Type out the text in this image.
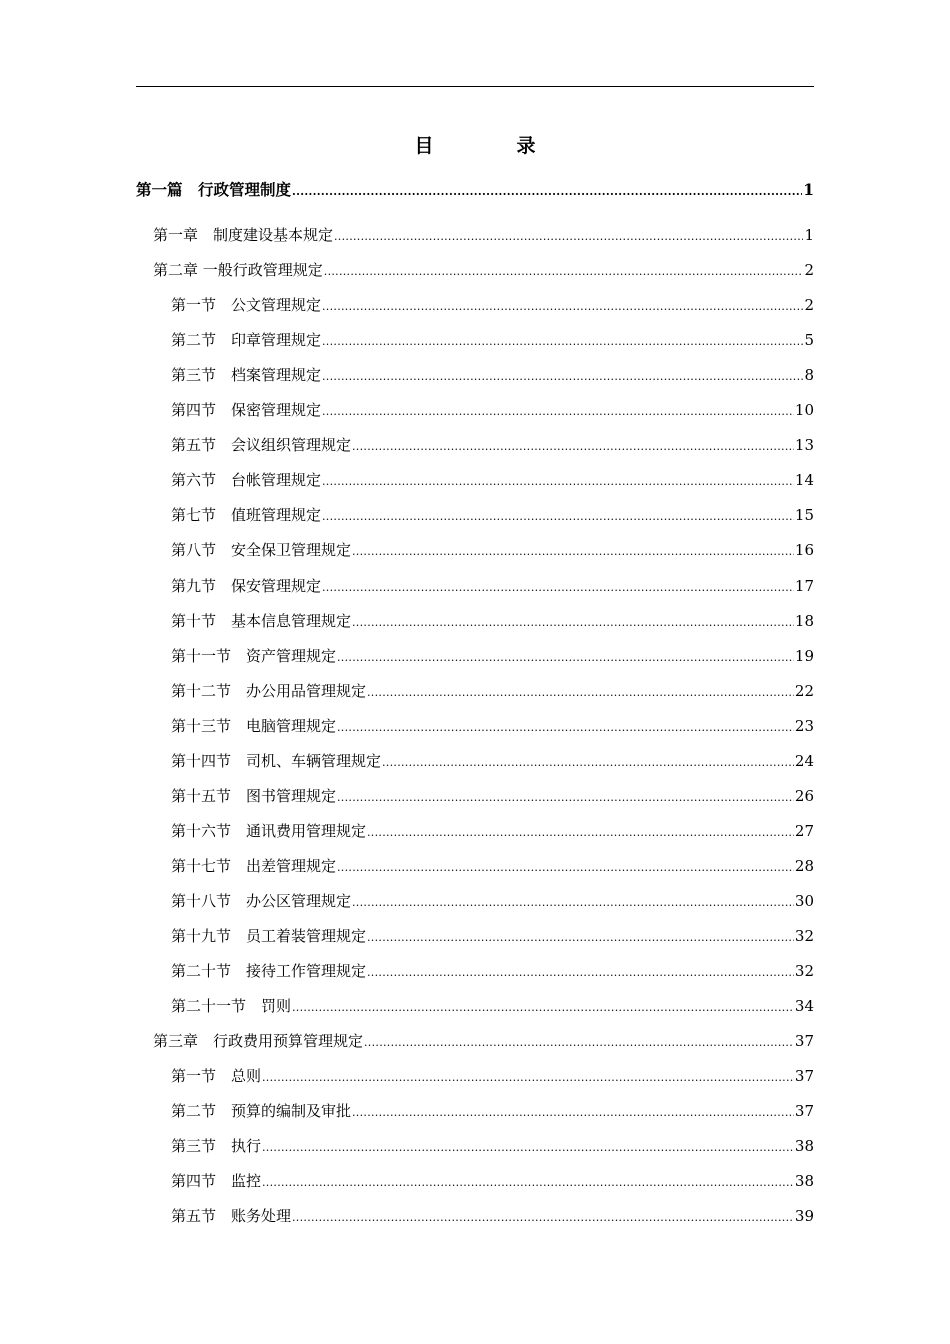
目　录
第一篇　行政管理制度 .....	1
第一章　制度建设基本规定 .....	1
第二章 一般行政管理规定 .....	2
第一节　公文管理规定 .....	2
第二节　印章管理规定 .....	5
第三节　档案管理规定 .....	8
第四节　保密管理规定 .....	10
第五节　会议组织管理规定 .....	13
第六节　台帐管理规定 .....	14
第七节　值班管理规定 .....	15
第八节　安全保卫管理规定 .....	16
第九节　保安管理规定 .....	17
第十节　基本信息管理规定 .....	18
第十一节　资产管理规定 .....	19
第十二节　办公用品管理规定 .....	22
第十三节　电脑管理规定 .....	23
第十四节　司机、车辆管理规定 .....	24
第十五节　图书管理规定 .....	26
第十六节　通讯费用管理规定 .....	27
第十七节　出差管理规定 .....	28
第十八节　办公区管理规定 .....	30
第十九节　员工着装管理规定 .....	32
第二十节　接待工作管理规定 .....	32
第二十一节　罚则 .....	34
第三章　行政费用预算管理规定 .....	37
第一节　总则 .....	37
第二节　预算的编制及审批 .....	37
第三节　执行 .....	38
第四节　监控 .....	38
第五节　账务处理 .....	39
